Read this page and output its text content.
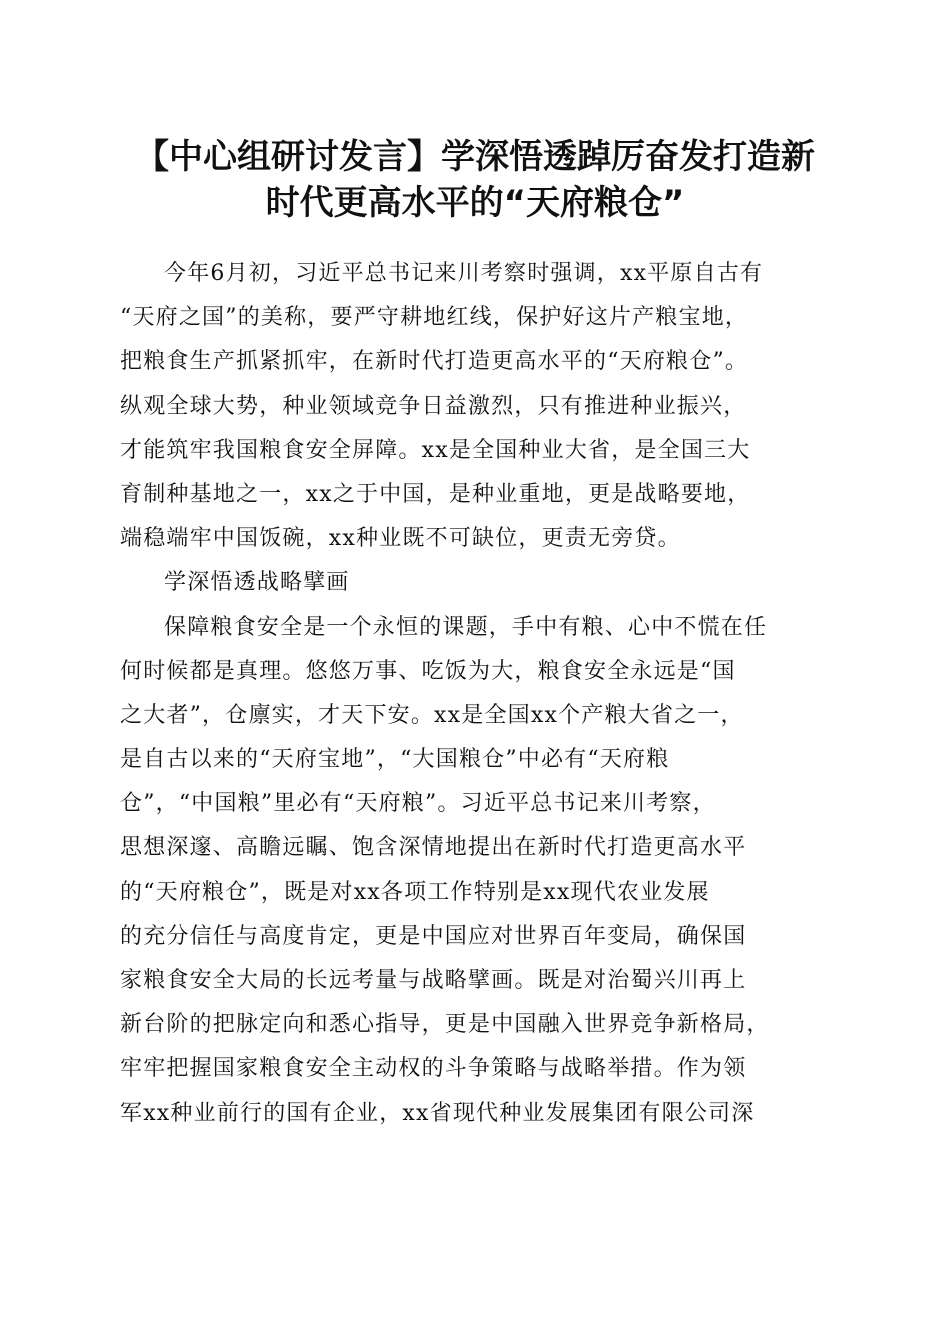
【中心组研讨发言】学深悟透踔厉奋发打造新
时代更高水平的“天府粮仓”
今年6月初，习近平总书记来川考察时强调，xx平原自古有
“天府之国”的美称，要严守耕地红线，保护好这片产粮宝地，
把粮食生产抓紧抓牢，在新时代打造更高水平的“天府粮仓”。
纵观全球大势，种业领域竞争日益激烈，只有推进种业振兴，
才能筑牢我国粮食安全屏障。xx是全国种业大省，是全国三大
育制种基地之一，xx之于中国，是种业重地，更是战略要地，
端稳端牢中国饭碗，xx种业既不可缺位，更责无旁贷。
学深悟透战略擘画
保障粮食安全是一个永恒的课题，手中有粮、心中不慌在任
何时候都是真理。悠悠万事、吃饭为大，粮食安全永远是“国
之大者”，仓廪实，才天下安。xx是全国xx个产粮大省之一，
是自古以来的“天府宝地”，“大国粮仓”中必有“天府粮
仓”，“中国粮”里必有“天府粮”。习近平总书记来川考察，
思想深邃、高瞻远瞩、饱含深情地提出在新时代打造更高水平
的“天府粮仓”，既是对xx各项工作特别是xx现代农业发展
的充分信任与高度肯定，更是中国应对世界百年变局，确保国
家粮食安全大局的长远考量与战略擘画。既是对治蜀兴川再上
新台阶的把脉定向和悉心指导，更是中国融入世界竞争新格局，
牢牢把握国家粮食安全主动权的斗争策略与战略举措。作为领
军xx种业前行的国有企业，xx省现代种业发展集团有限公司深
